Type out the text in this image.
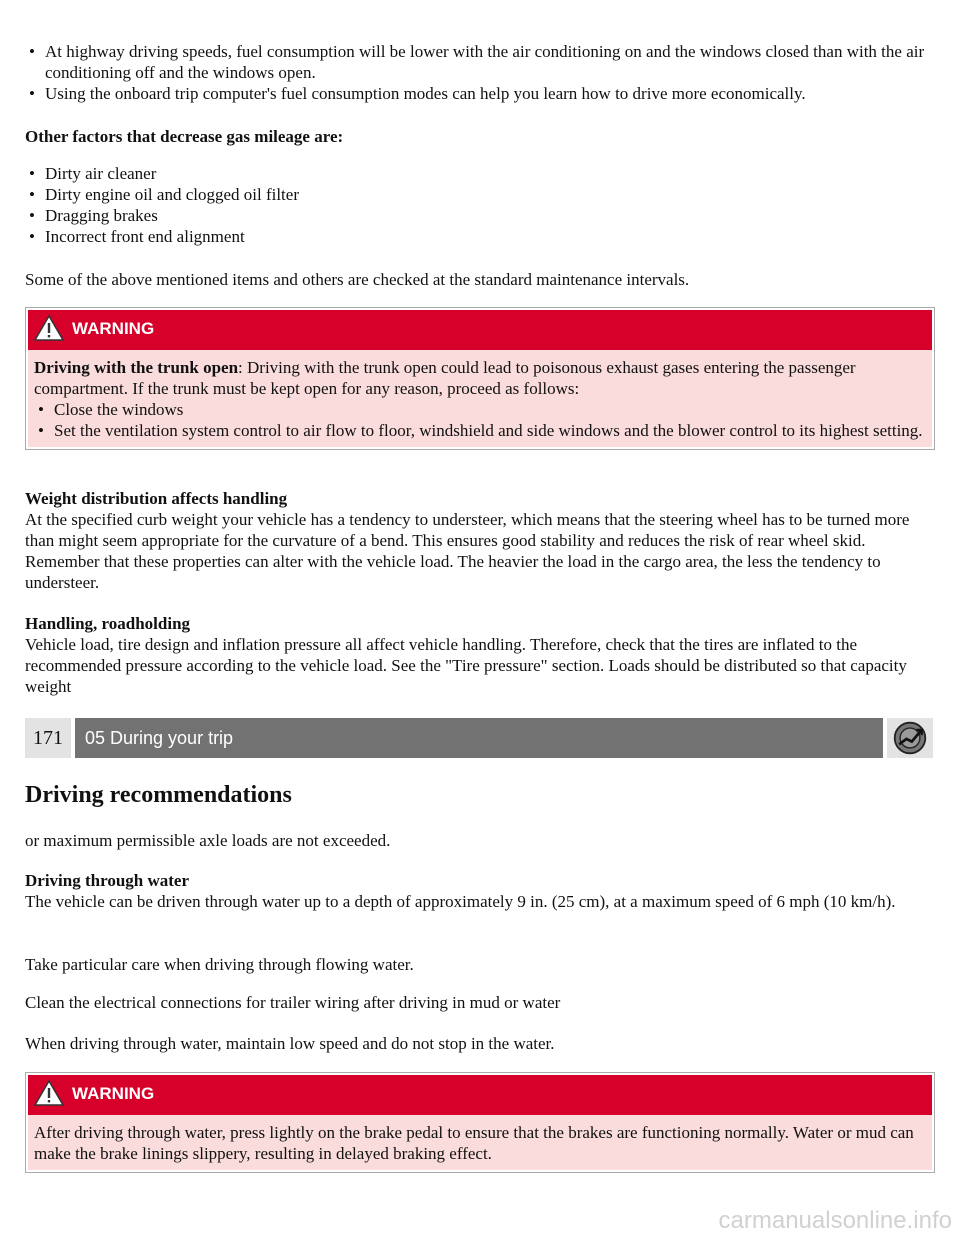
• At highway driving speeds, fuel consumption will be lower with the air conditioning on and the windows closed than with the air conditioning off and the windows open.
• Using the onboard trip computer's fuel consumption modes can help you learn how to drive more economically.

Other factors that decrease gas mileage are:

• Dirty air cleaner
• Dirty engine oil and clogged oil filter
• Dragging brakes
• Incorrect front end alignment

Some of the above mentioned items and others are checked at the standard maintenance intervals.

WARNING

Driving with the trunk open: Driving with the trunk open could lead to poisonous exhaust gases entering the passenger compartment. If the trunk must be kept open for any reason, proceed as follows:

• Close the windows
• Set the ventilation system control to air flow to floor, windshield and side windows and the blower control to its highest setting.

Weight distribution affects handling

At the specified curb weight your vehicle has a tendency to understeer, which means that the steering wheel has to be turned more than might seem appropriate for the curvature of a bend. This ensures good stability and reduces the risk of rear wheel skid. Remember that these properties can alter with the vehicle load. The heavier the load in the cargo area, the less the tendency to understeer.

Handling, roadholding

Vehicle load, tire design and inflation pressure all affect vehicle handling. Therefore, check that the tires are inflated to the recommended pressure according to the vehicle load. See the "Tire pressure" section. Loads should be distributed so that capacity weight

Driving recommendations

or maximum permissible axle loads are not exceeded.

Driving through water

The vehicle can be driven through water up to a depth of approximately 9 in. (25 cm), at a maximum speed of 6 mph (10 km/h).

Take particular care when driving through flowing water.

Clean the electrical connections for trailer wiring after driving in mud or water

When driving through water, maintain low speed and do not stop in the water.

WARNING

After driving through water, press lightly on the brake pedal to ensure that the brakes are functioning normally. Water or mud can make the brake linings slippery, resulting in delayed braking effect.

171	05 During your trip
carmanualsonline.info
